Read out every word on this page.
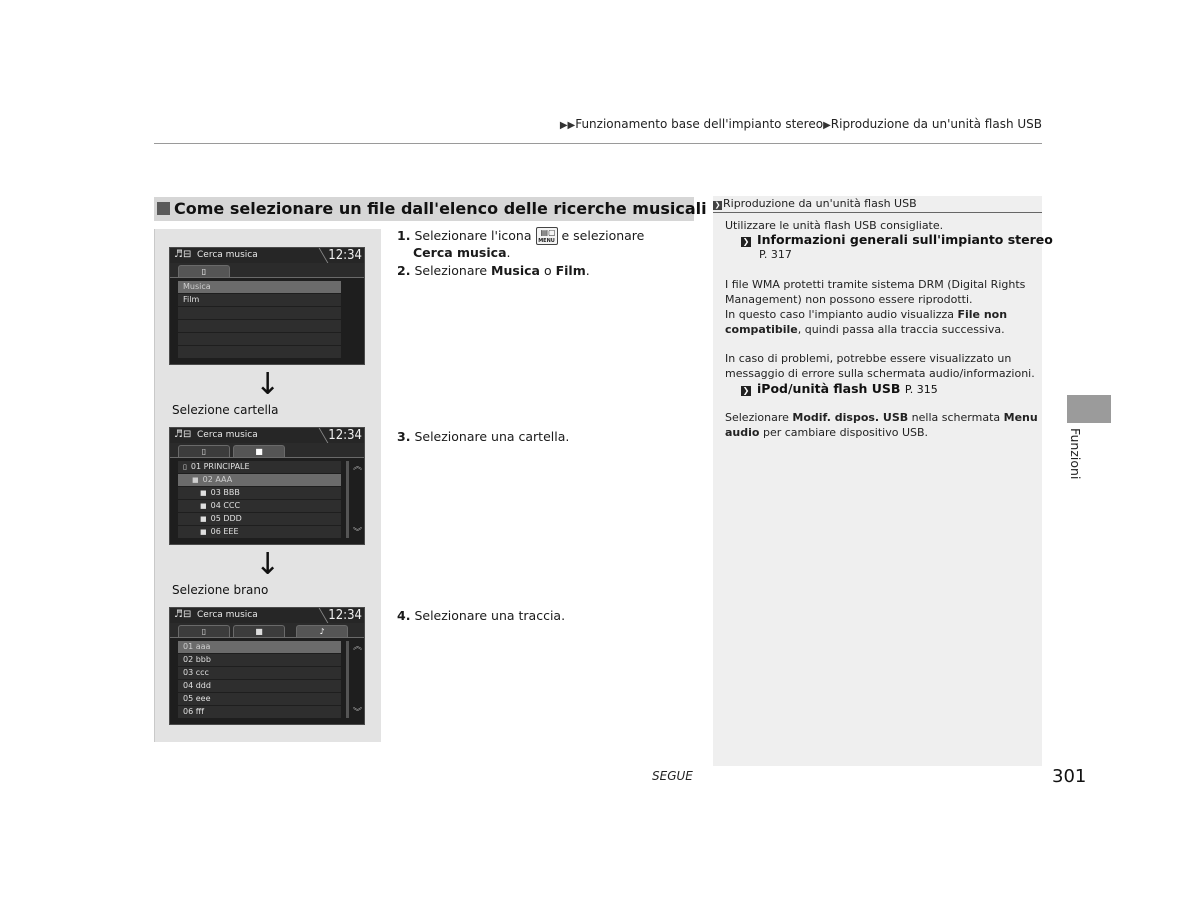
▶▶Funzionamento base dell'impianto stereo▶Riproduzione da un'unità flash USB
Come selezionare un file dall'elenco delle ricerche musicali
♬⊟ Cerca musica	12:34
▯
Musica
Film
↓
Selezione cartella
♬⊟ Cerca musica	12:34
▯	■
▯ 01 PRINCIPALE
■ 02 AAA
■ 03 BBB
■ 04 CCC
■ 05 DDD
■ 06 EEE
︽
︾
↓
Selezione brano
♬⊟ Cerca musica	12:34
▯	■	♪
01 aaa
02 bbb
03 ccc
04 ddd
05 eee
06 fff
︽
︾
1. Selezionare l'icona ▤▢
MENU e selezionare
Cerca musica.
2. Selezionare Musica o Film.
3. Selezionare una cartella.
4. Selezionare una traccia.
❯ Riproduzione da un'unità flash USB
Utilizzare le unità flash USB consigliate.
❯ Informazioni generali sull'impianto stereo
P. 317
I file WMA protetti tramite sistema DRM (Digital Rights
Management) non possono essere riprodotti.
In questo caso l'impianto audio visualizza File non
compatibile, quindi passa alla traccia successiva.
In caso di problemi, potrebbe essere visualizzato un
messaggio di errore sulla schermata audio/informazioni.
❯ iPod/unità flash USB P. 315
Selezionare Modif. dispos. USB nella schermata Menu
audio per cambiare dispositivo USB.	Funzioni
SEGUE	301
